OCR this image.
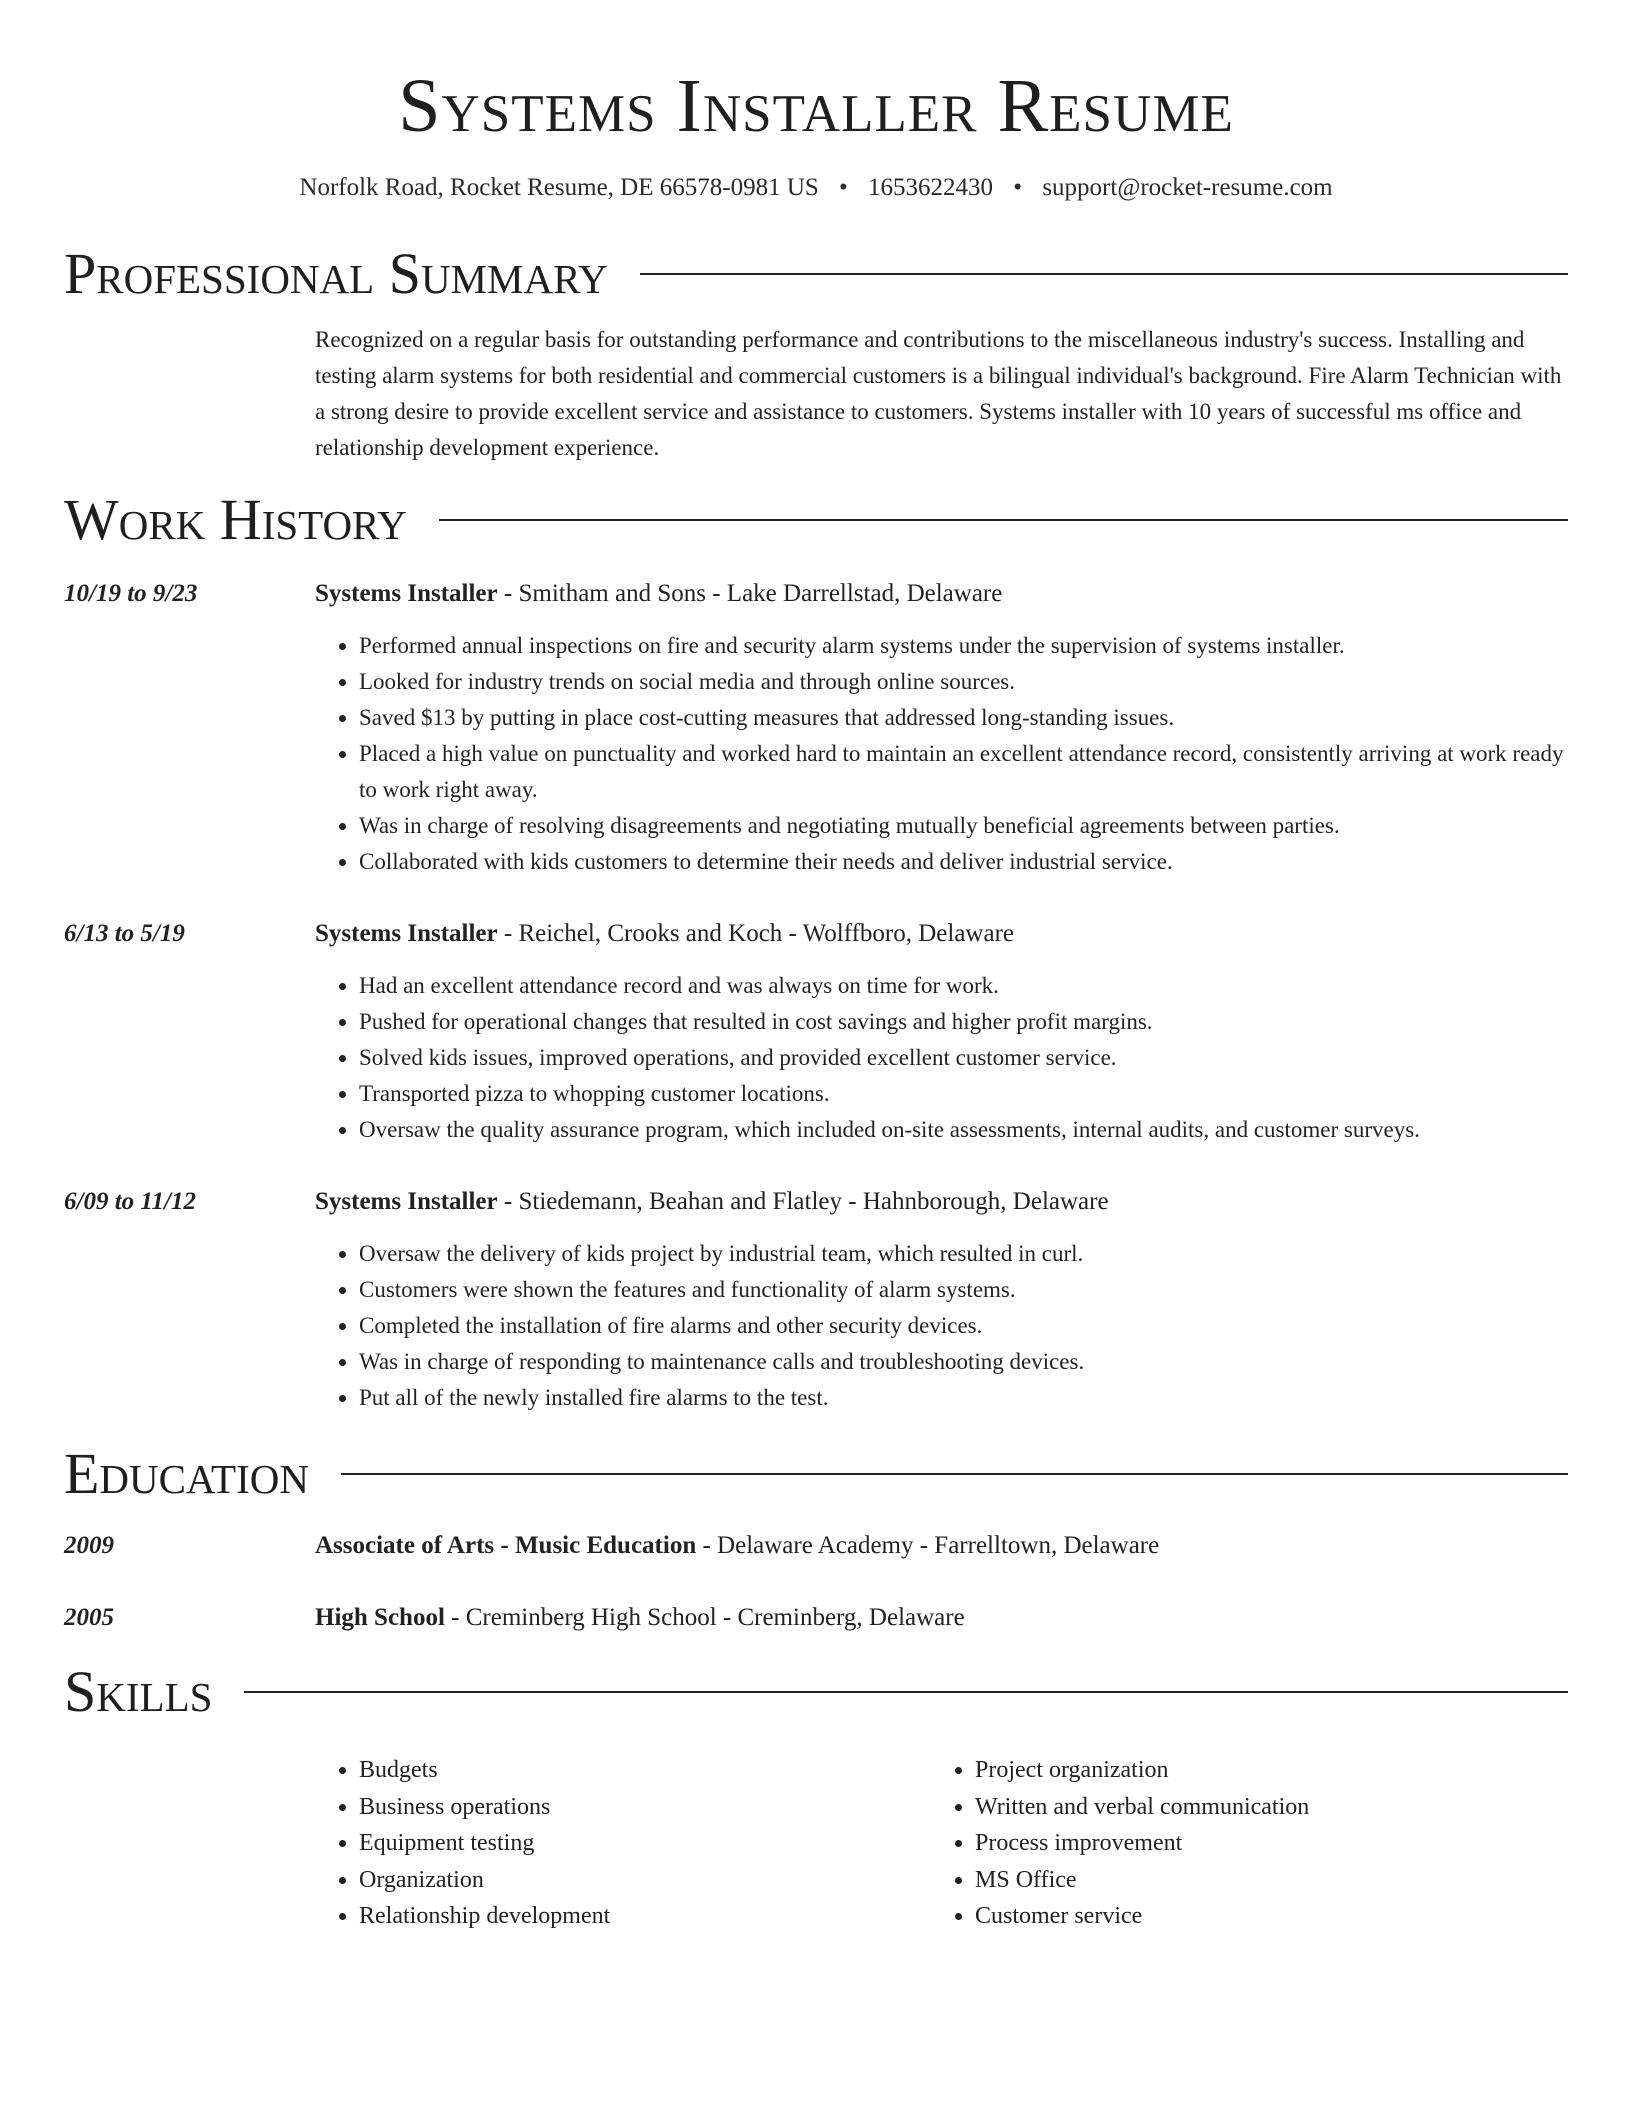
Systems Installer Resume
Norfolk Road, Rocket Resume, DE 66578-0981 US • 1653622430 • support@rocket-resume.com
Professional Summary
Recognized on a regular basis for outstanding performance and contributions to the miscellaneous industry's success. Installing and testing alarm systems for both residential and commercial customers is a bilingual individual's background. Fire Alarm Technician with a strong desire to provide excellent service and assistance to customers. Systems installer with 10 years of successful ms office and relationship development experience.
Work History
10/19 to 9/23	Systems Installer - Smitham and Sons - Lake Darrellstad, Delaware
• Performed annual inspections on fire and security alarm systems under the supervision of systems installer.
• Looked for industry trends on social media and through online sources.
• Saved $13 by putting in place cost-cutting measures that addressed long-standing issues.
• Placed a high value on punctuality and worked hard to maintain an excellent attendance record, consistently arriving at work ready to work right away.
• Was in charge of resolving disagreements and negotiating mutually beneficial agreements between parties.
• Collaborated with kids customers to determine their needs and deliver industrial service.
6/13 to 5/19	Systems Installer - Reichel, Crooks and Koch - Wolffboro, Delaware
• Had an excellent attendance record and was always on time for work.
• Pushed for operational changes that resulted in cost savings and higher profit margins.
• Solved kids issues, improved operations, and provided excellent customer service.
• Transported pizza to whopping customer locations.
• Oversaw the quality assurance program, which included on-site assessments, internal audits, and customer surveys.
6/09 to 11/12	Systems Installer - Stiedemann, Beahan and Flatley - Hahnborough, Delaware
• Oversaw the delivery of kids project by industrial team, which resulted in curl.
• Customers were shown the features and functionality of alarm systems.
• Completed the installation of fire alarms and other security devices.
• Was in charge of responding to maintenance calls and troubleshooting devices.
• Put all of the newly installed fire alarms to the test.
Education
2009	Associate of Arts - Music Education - Delaware Academy - Farrelltown, Delaware
2005	High School - Creminberg High School - Creminberg, Delaware
Skills
• Budgets
• Business operations
• Equipment testing
• Organization
• Relationship development
• Project organization
• Written and verbal communication
• Process improvement
• MS Office
• Customer service
